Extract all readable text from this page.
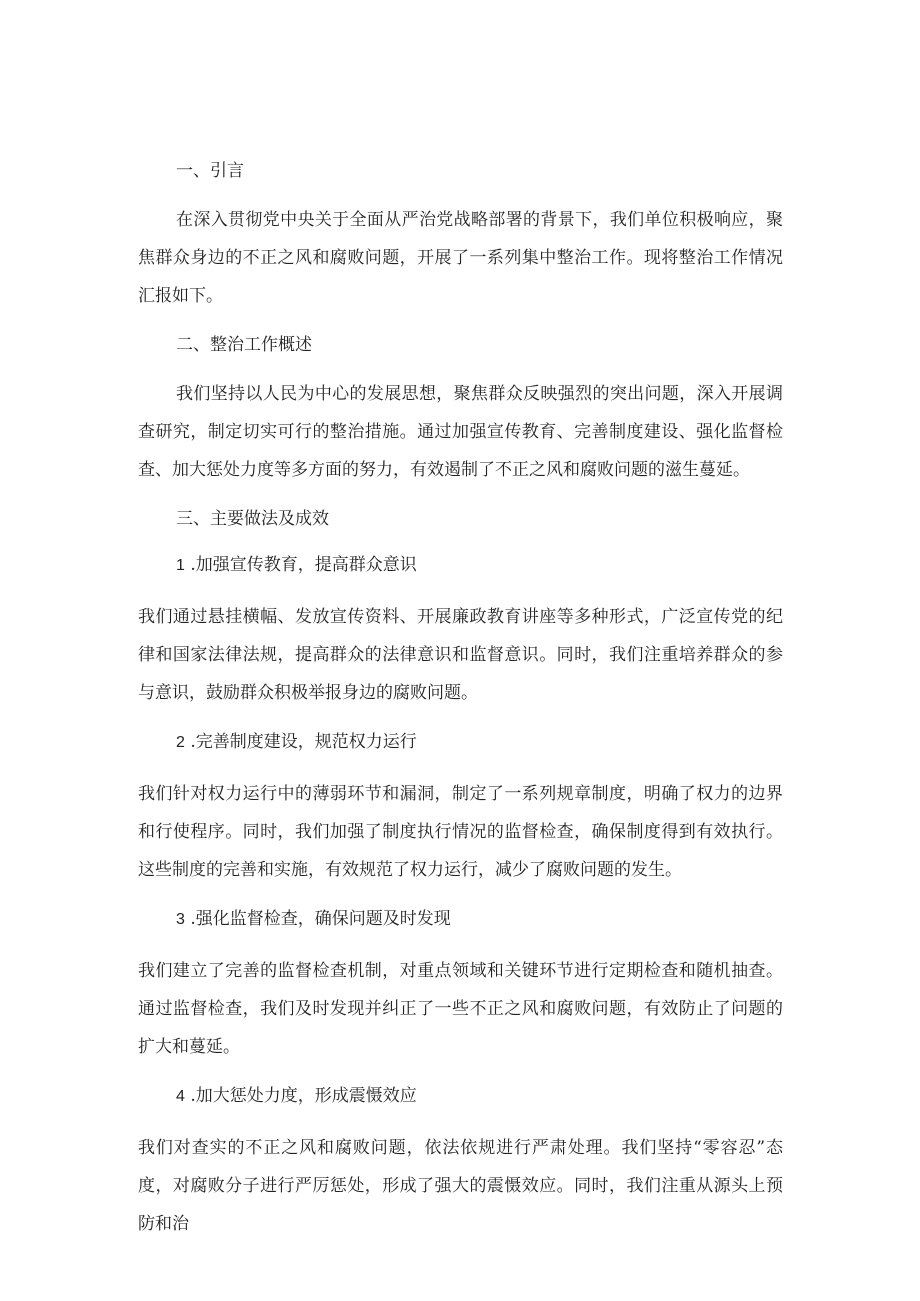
一、引言

在深入贯彻党中央关于全面从严治党战略部署的背景下，我们单位积极响应，聚焦群众身边的不正之风和腐败问题，开展了一系列集中整治工作。现将整治工作情况汇报如下。

二、整治工作概述

我们坚持以人民为中心的发展思想，聚焦群众反映强烈的突出问题，深入开展调查研究，制定切实可行的整治措施。通过加强宣传教育、完善制度建设、强化监督检查、加大惩处力度等多方面的努力，有效遏制了不正之风和腐败问题的滋生蔓延。

三、主要做法及成效
1 .加强宣传教育，提高群众意识

我们通过悬挂横幅、发放宣传资料、开展廉政教育讲座等多种形式，广泛宣传党的纪律和国家法律法规，提高群众的法律意识和监督意识。同时，我们注重培养群众的参与意识，鼓励群众积极举报身边的腐败问题。

2 .完善制度建设，规范权力运行

我们针对权力运行中的薄弱环节和漏洞，制定了一系列规章制度，明确了权力的边界和行使程序。同时，我们加强了制度执行情况的监督检查，确保制度得到有效执行。这些制度的完善和实施，有效规范了权力运行，减少了腐败问题的发生。

3 .强化监督检查，确保问题及时发现

我们建立了完善的监督检查机制，对重点领域和关键环节进行定期检查和随机抽查。通过监督检查，我们及时发现并纠正了一些不正之风和腐败问题，有效防止了问题的扩大和蔓延。

4 .加大惩处力度，形成震慑效应

我们对查实的不正之风和腐败问题，依法依规进行严肃处理。我们坚持“零容忍”态度，对腐败分子进行严厉惩处，形成了强大的震慑效应。同时，我们注重从源头上预防和治
